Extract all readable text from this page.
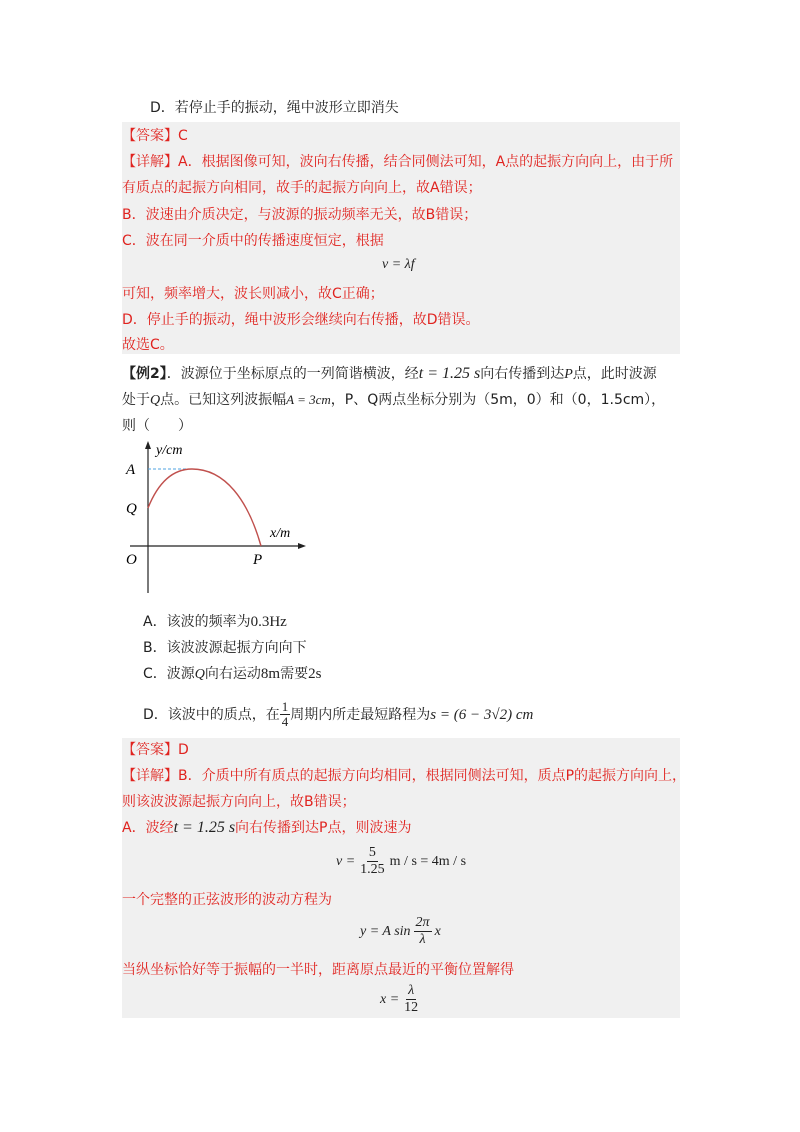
D．若停止手的振动，绳中波形立即消失
【答案】C
【详解】A．根据图像可知，波向右传播，结合同侧法可知，A点的起振方向向上，由于所
有质点的起振方向相同，故手的起振方向向上，故A错误；
B．波速由介质决定，与波源的振动频率无关，故B错误；
C．波在同一介质中的传播速度恒定，根据
v = λf
可知，频率增大，波长则减小，故C正确；
D．停止手的振动，绳中波形会继续向右传播，故D错误。
故选C。
【例2】．波源位于坐标原点的一列简谐横波，经t = 1.25 s向右传播到达P点，此时波源
处于Q点。已知这列波振幅A = 3cm，P、Q两点坐标分别为（5m，0）和（0，1.5cm），
则（　　）
y/cm
x/m
A
Q
O	P
A．该波的频率为0.3Hz
B．该波波源起振方向向下
C．波源Q向右运动8m需要2s
D．该波中的质点，在 $\frac{1}{4}$ 周期内所走最短路程为 s = (6 − 3√2) cm
【答案】D
【详解】B．介质中所有质点的起振方向均相同，根据同侧法可知，质点P的起振方向向上，
则该波波源起振方向向上，故B错误；
A．波经t = 1.25 s向右传播到达P点，则波速为
$v = \frac{5}{1.25}$ m / s = 4m / s
一个完整的正弦波形的波动方程为
y = A $\sin \frac{2\pi}{\lambda}$ x
当纵坐标恰好等于振幅的一半时，距离原点最近的平衡位置解得
$x = \frac{\lambda}{12}$
